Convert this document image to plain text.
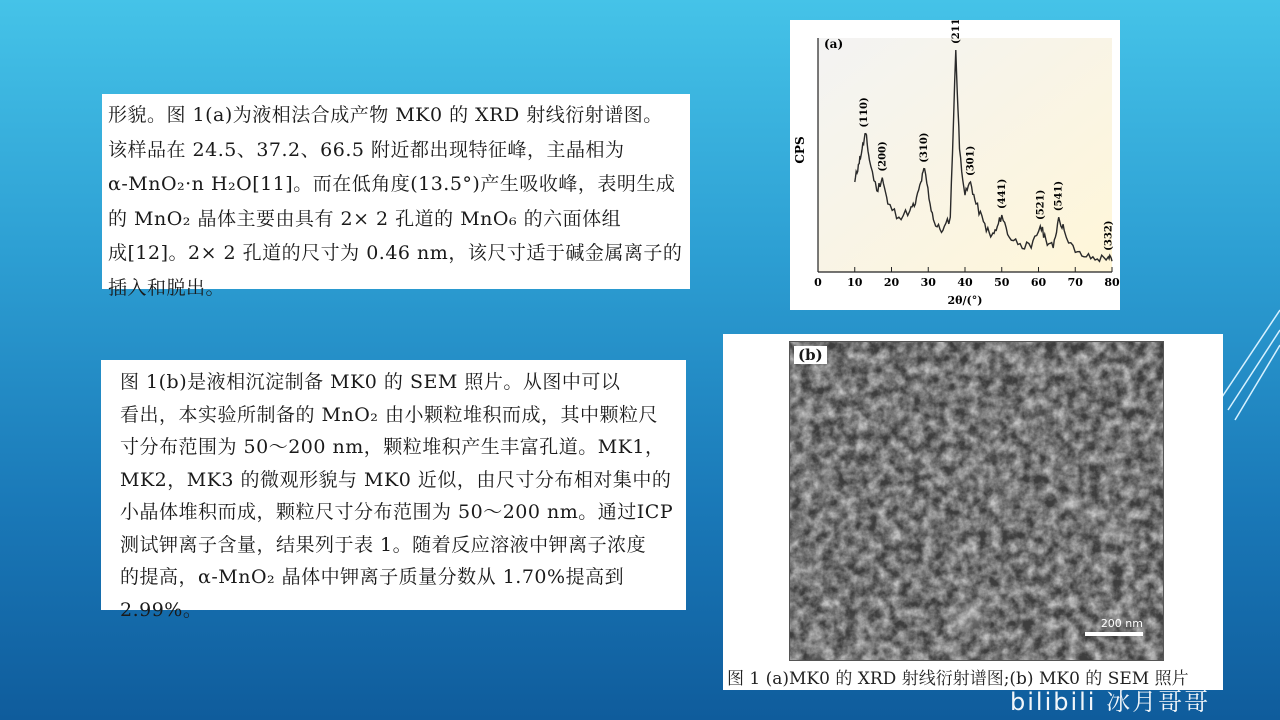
形貌。图 1(a)为液相法合成产物 MK0 的 XRD 射线衍射谱图。
该样品在 24.5、37.2、66.5 附近都出现特征峰，主晶相为
α-MnO₂·n H₂O[11]。而在低角度(13.5°)产生吸收峰，表明生成
的 MnO₂ 晶体主要由具有 2× 2 孔道的 MnO₆ 的六面体组
成[12]。2× 2 孔道的尺寸为 0.46 nm，该尺寸适于碱金属离子的
插入和脱出。
图 1(b)是液相沉淀制备 MK0 的 SEM 照片。从图中可以
看出，本实验所制备的 MnO₂ 由小颗粒堆积而成，其中颗粒尺
寸分布范围为 50～200 nm，颗粒堆积产生丰富孔道。MK1，
MK2，MK3 的微观形貌与 MK0 近似，由尺寸分布相对集中的
小晶体堆积而成，颗粒尺寸分布范围为 50～200 nm。通过ICP
测试钾离子含量，结果列于表 1。随着反应溶液中钾离子浓度
的提高，α-MnO₂ 晶体中钾离子质量分数从 1.70%提高到
2.99%。
0 10 20 30 40 50 60 70 80
(110)
(200)	(310)
(211)
(301)
(441)	(521) (541)
(332)
(a)
CPS
2θ/(°)
(b)
200 nm
图 1 (a)MK0 的 XRD 射线衍射谱图;(b) MK0 的 SEM 照片
bilibili 冰月哥哥
